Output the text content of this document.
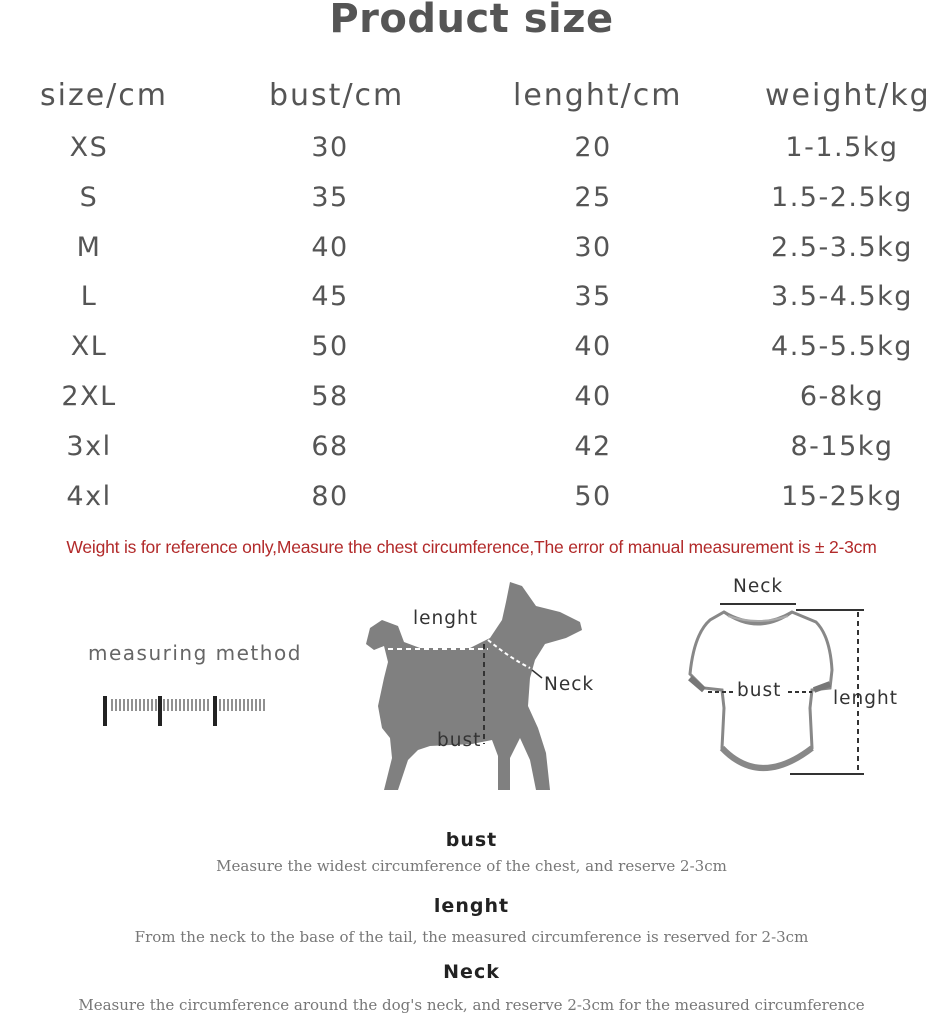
Product size
size/cm	bust/cm	lenght/cm	weight/kg
XS	30	20	1-1.5kg
S	35	25	1.5-2.5kg
M	40	30	2.5-3.5kg
L	45	35	3.5-4.5kg
XL	50	40	4.5-5.5kg
2XL	58	40	6-8kg
3xl	68	42	8-15kg
4xl	80	50	15-25kg
Weight is for reference only,Measure the chest circumference,The error of manual measurement is ± 2-3cm
measuring method
lenght
Neck
bust
Neck
bust	lenght
bust
Measure the widest circumference of the chest, and reserve 2-3cm
lenght
From the neck to the base of the tail, the measured circumference is reserved for 2-3cm
Neck
Measure the circumference around the dog's neck, and reserve 2-3cm for the measured circumference
